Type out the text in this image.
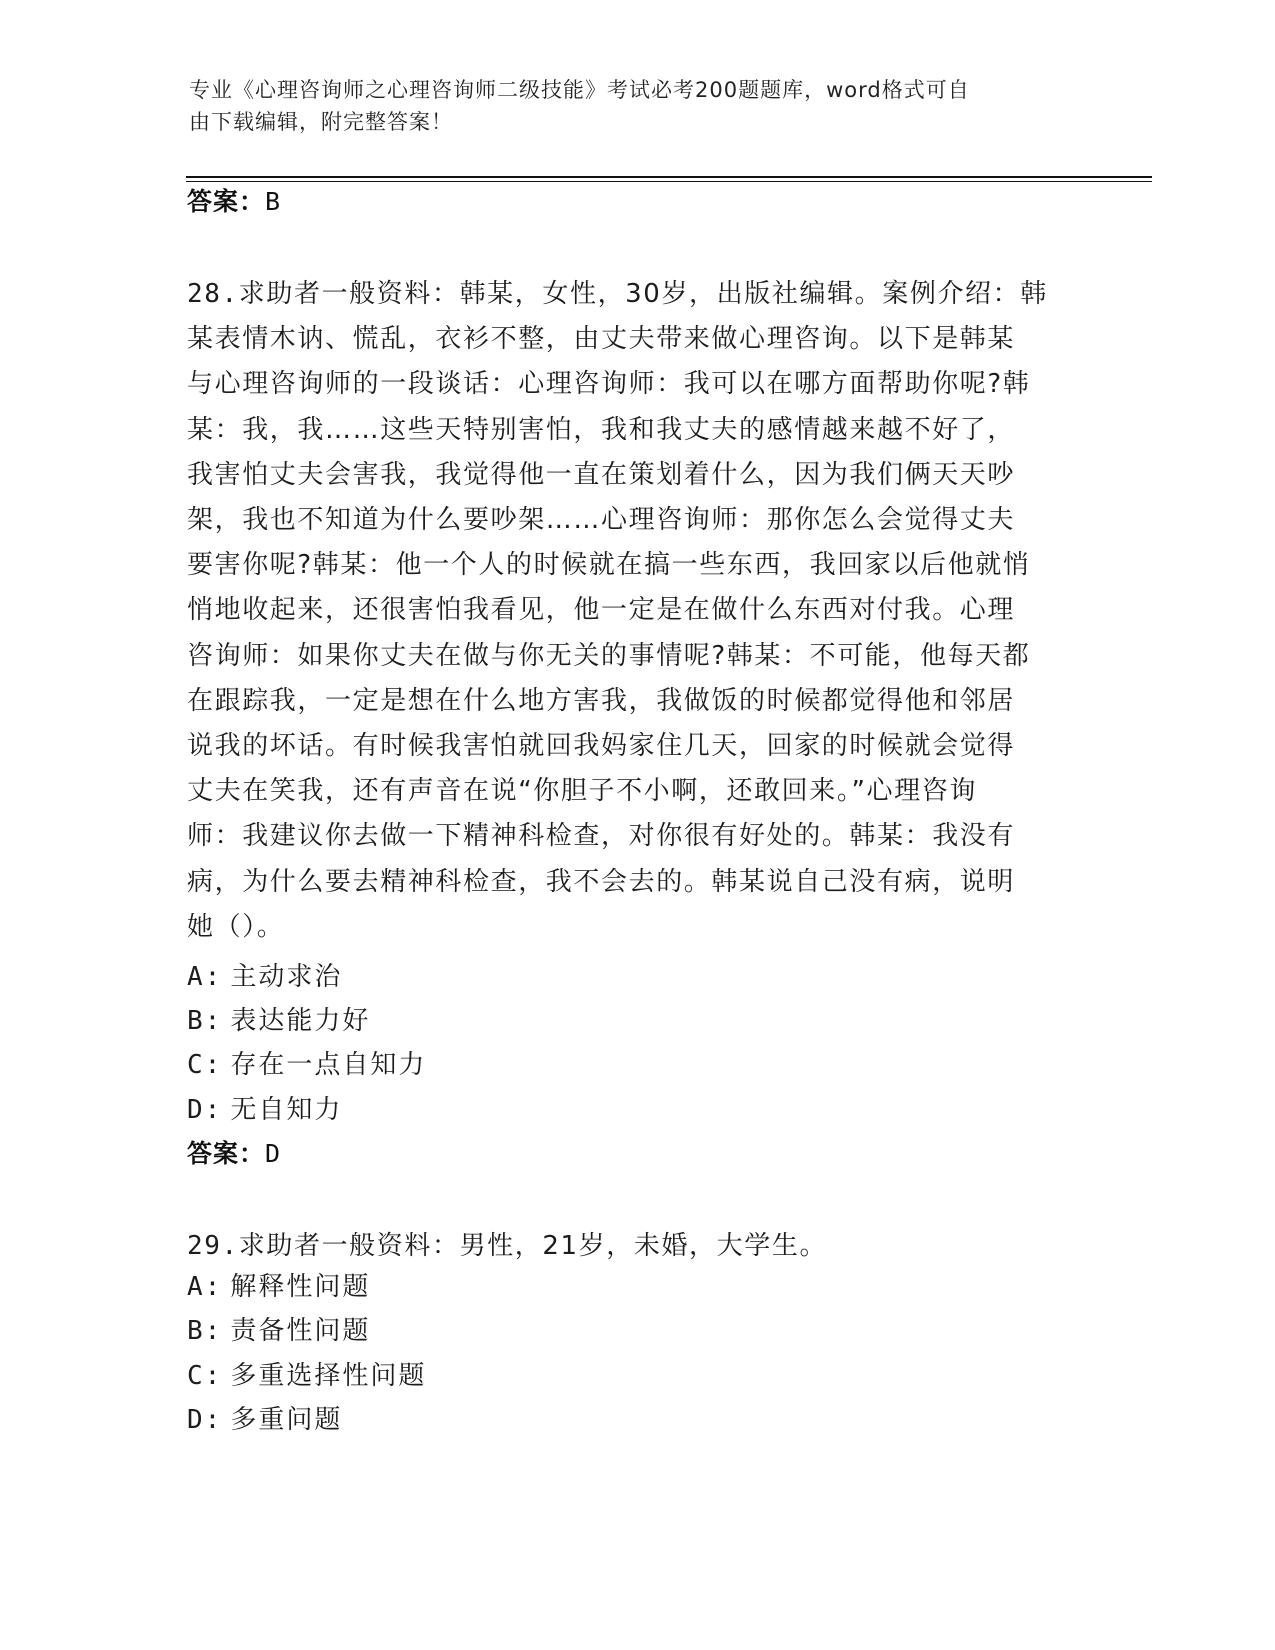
专业《心理咨询师之心理咨询师二级技能》考试必考200题题库，word格式可自
由下载编辑，附完整答案！
答案：B
28.求助者一般资料：韩某，女性，30岁，出版社编辑。案例介绍：韩
某表情木讷、慌乱，衣衫不整，由丈夫带来做心理咨询。以下是韩某
与心理咨询师的一段谈话：心理咨询师：我可以在哪方面帮助你呢?韩
某：我，我……这些天特别害怕，我和我丈夫的感情越来越不好了，
我害怕丈夫会害我，我觉得他一直在策划着什么，因为我们俩天天吵
架，我也不知道为什么要吵架……心理咨询师：那你怎么会觉得丈夫
要害你呢?韩某：他一个人的时候就在搞一些东西，我回家以后他就悄
悄地收起来，还很害怕我看见，他一定是在做什么东西对付我。心理
咨询师：如果你丈夫在做与你无关的事情呢?韩某：不可能，他每天都
在跟踪我，一定是想在什么地方害我，我做饭的时候都觉得他和邻居
说我的坏话。有时候我害怕就回我妈家住几天，回家的时候就会觉得
丈夫在笑我，还有声音在说“你胆子不小啊，还敢回来。”心理咨询
师：我建议你去做一下精神科检查，对你很有好处的。韩某：我没有
病，为什么要去精神科检查，我不会去的。韩某说自己没有病，说明
她（）。
A: 主动求治
B: 表达能力好
C: 存在一点自知力
D: 无自知力
答案：D
29.求助者一般资料：男性，21岁，未婚，大学生。
A: 解释性问题
B: 责备性问题
C: 多重选择性问题
D: 多重问题
